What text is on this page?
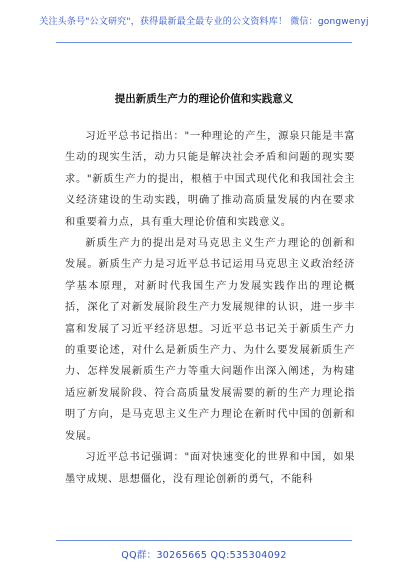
关注头条号"公文研究"，获得最新最全最专业的公文资料库！ 微信：gongwenyj
提出新质生产力的理论价值和实践意义

习近平总书记指出："一种理论的产生，源泉只能是丰富生动的现实生活，动力只能是解决社会矛盾和问题的现实要求。"新质生产力的提出，根植于中国式现代化和我国社会主义经济建设的生动实践，明确了推动高质量发展的内在要求和重要着力点，具有重大理论价值和实践意义。

新质生产力的提出是对马克思主义生产力理论的创新和发展。新质生产力是习近平总书记运用马克思主义政治经济学基本原理，对新时代我国生产力发展实践作出的理论概括，深化了对新发展阶段生产力发展规律的认识，进一步丰富和发展了习近平经济思想。习近平总书记关于新质生产力的重要论述，对什么是新质生产力、为什么要发展新质生产力、怎样发展新质生产力等重大问题作出深入阐述，为构建适应新发展阶段、符合高质量发展需要的新的生产力理论指明了方向，是马克思主义生产力理论在新时代中国的创新和发展。

习近平总书记强调："面对快速变化的世界和中国，如果墨守成规、思想僵化，没有理论创新的勇气，不能科

QQ群：30265665 QQ:535304092
